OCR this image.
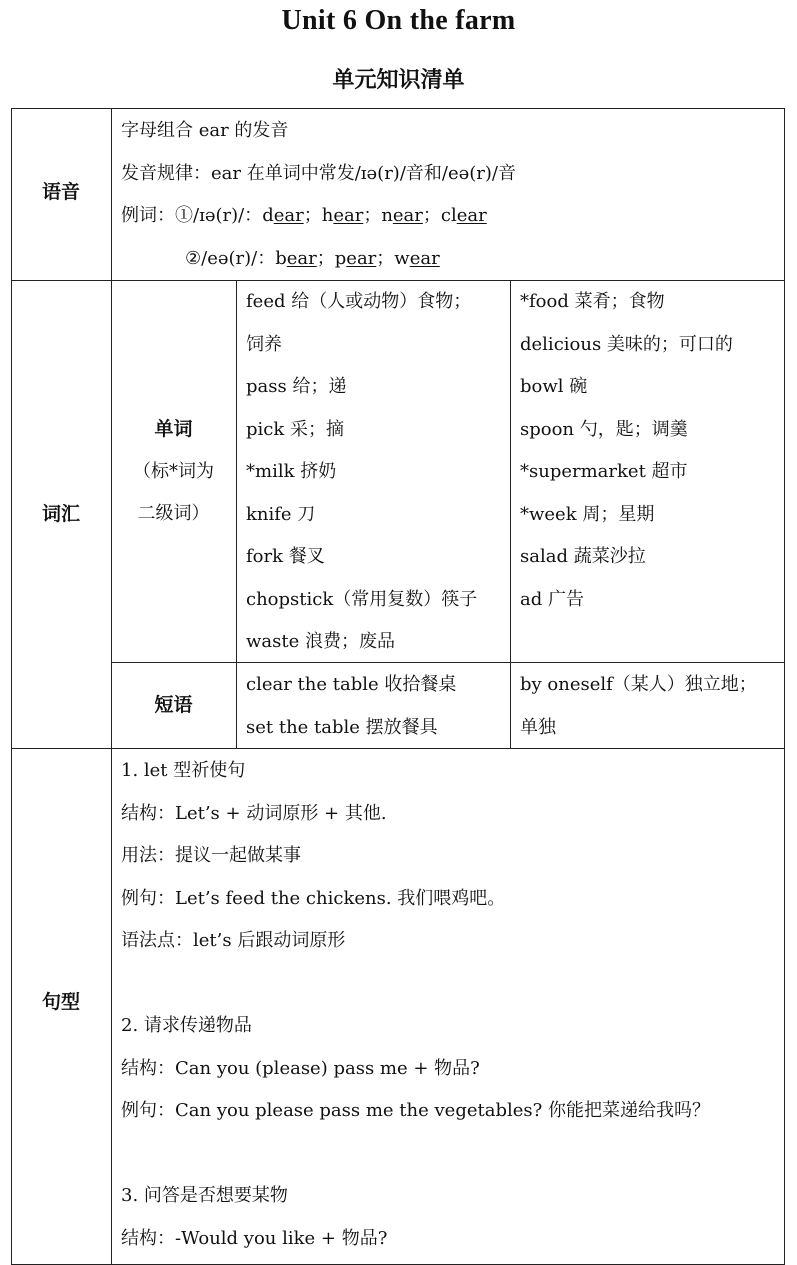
Unit 6 On the farm
单元知识清单
语音
字母组合 ear 的发音
发音规律：ear 在单词中常发/ɪə(r)/音和/eə(r)/音
例词：①/ɪə(r)/：dear；hear；near；clear
②/eə(r)/：bear；pear；wear
词汇
单词
（标*词为
二级词）
feed 给（人或动物）食物；
饲养
pass 给；递
pick 采；摘
*milk 挤奶
knife 刀
fork 餐叉
chopstick（常用复数）筷子
waste 浪费；废品
*food 菜肴；食物
delicious 美味的；可口的
bowl 碗
spoon 勺，匙；调羹
*supermarket 超市
*week 周；星期
salad 蔬菜沙拉
ad 广告
短语
clear the table 收拾餐桌
set the table 摆放餐具
by oneself（某人）独立地；
单独
句型
1. let 型祈使句
结构：Let’s + 动词原形 + 其他.
用法：提议一起做某事
例句：Let’s feed the chickens. 我们喂鸡吧。
语法点：let’s 后跟动词原形
2. 请求传递物品
结构：Can you (please) pass me + 物品?
例句：Can you please pass me the vegetables? 你能把菜递给我吗？
3. 问答是否想要某物
结构：-Would you like + 物品?
